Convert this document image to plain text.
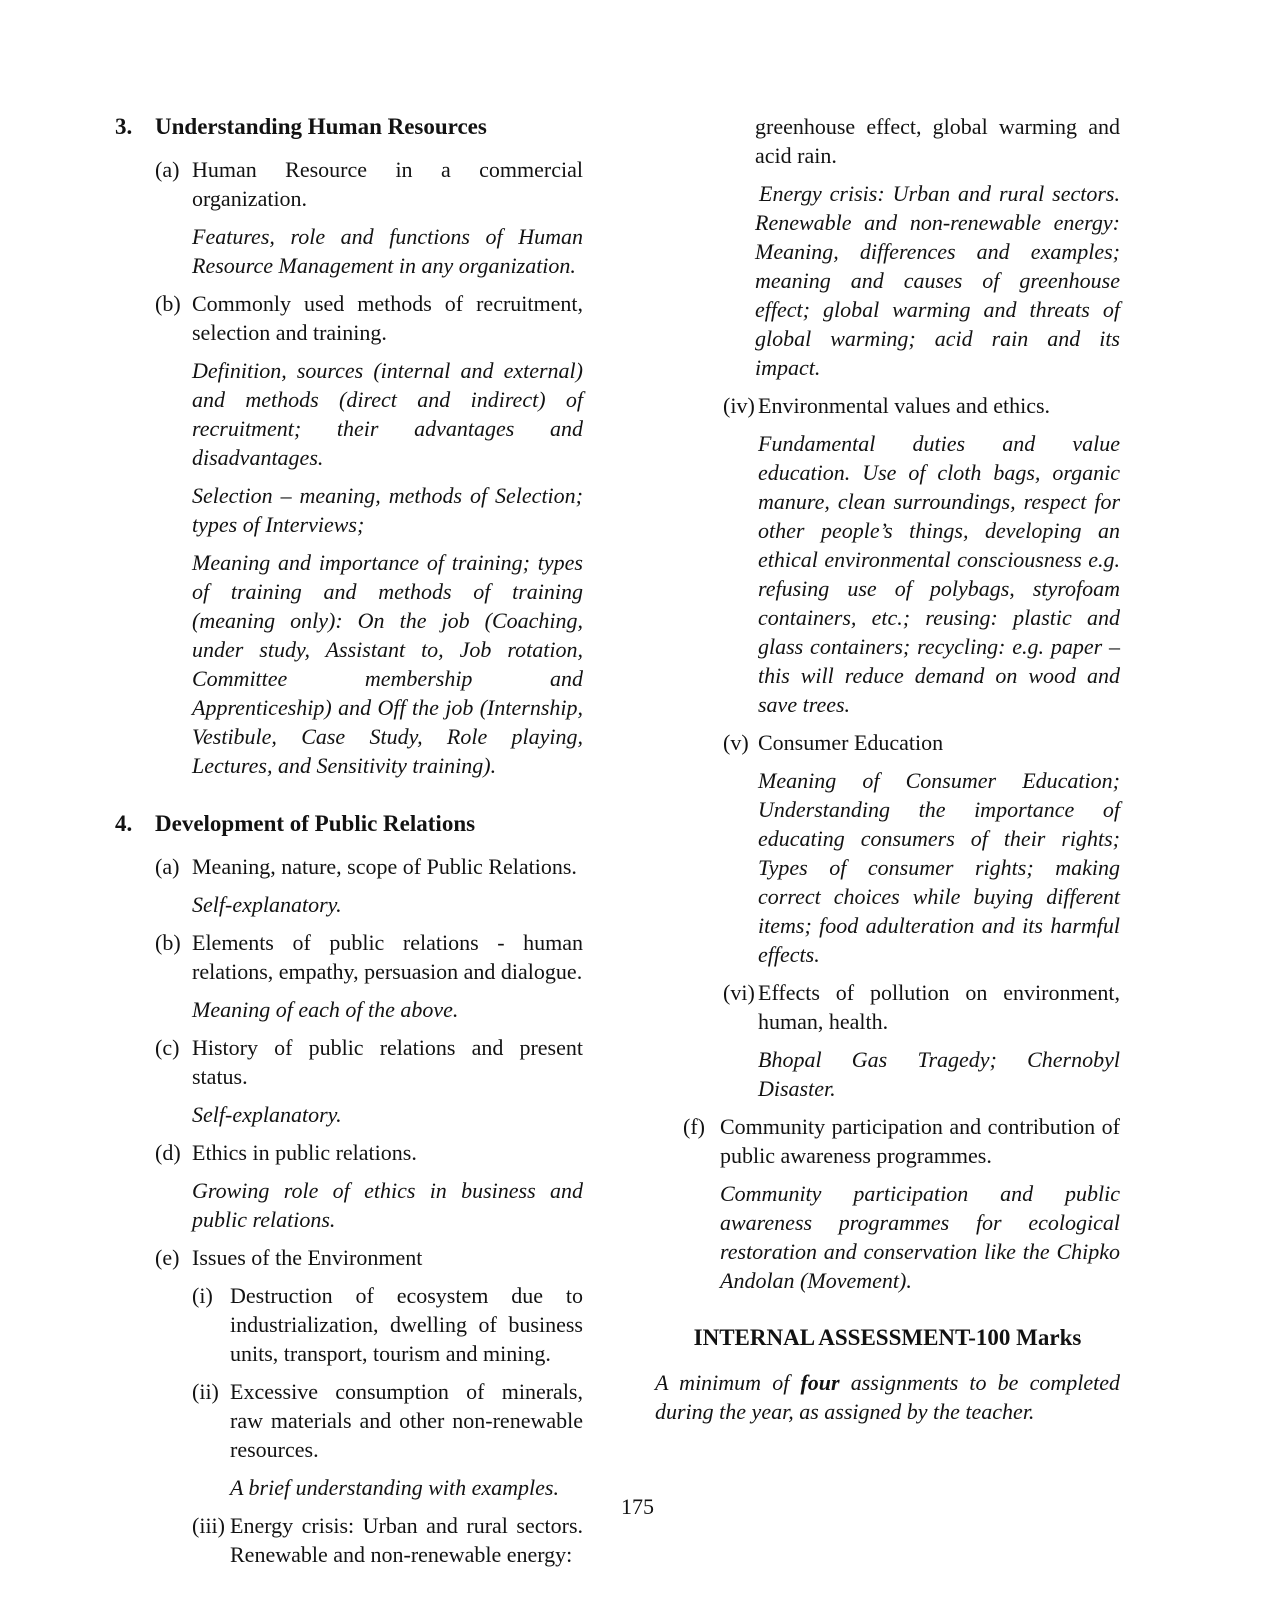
3. Understanding Human Resources
(a) Human Resource in a commercial organization.

Features, role and functions of Human Resource Management in any organization.

(b) Commonly used methods of recruitment, selection and training.

Definition, sources (internal and external) and methods (direct and indirect) of recruitment; their advantages and disadvantages.

Selection – meaning, methods of Selection; types of Interviews;

Meaning and importance of training; types of training and methods of training (meaning only): On the job (Coaching, under study, Assistant to, Job rotation, Committee membership and Apprenticeship) and Off the job (Internship, Vestibule, Case Study, Role playing, Lectures, and Sensitivity training).

4. Development of Public Relations
(a) Meaning, nature, scope of Public Relations.

Self-explanatory.

(b) Elements of public relations - human relations, empathy, persuasion and dialogue.

Meaning of each of the above.

(c) History of public relations and present status.

Self-explanatory.

(d) Ethics in public relations.

Growing role of ethics in business and public relations.

(e) Issues of the Environment

(i) Destruction of ecosystem due to industrialization, dwelling of business units, transport, tourism and mining.

(ii) Excessive consumption of minerals, raw materials and other non-renewable resources.

A brief understanding with examples.

(iii) Energy crisis: Urban and rural sectors. Renewable and non-renewable energy:

greenhouse effect, global warming and acid rain.

Energy crisis: Urban and rural sectors. Renewable and non-renewable energy: Meaning, differences and examples; meaning and causes of greenhouse effect; global warming and threats of global warming; acid rain and its impact.

(iv) Environmental values and ethics.

Fundamental duties and value education. Use of cloth bags, organic manure, clean surroundings, respect for other people’s things, developing an ethical environmental consciousness e.g. refusing use of polybags, styrofoam containers, etc.; reusing: plastic and glass containers; recycling: e.g. paper – this will reduce demand on wood and save trees.

(v) Consumer Education

Meaning of Consumer Education; Understanding the importance of educating consumers of their rights; Types of consumer rights; making correct choices while buying different items; food adulteration and its harmful effects.

(vi) Effects of pollution on environment, human, health.

Bhopal Gas Tragedy; Chernobyl Disaster.

(f) Community participation and contribution of public awareness programmes.

Community participation and public awareness programmes for ecological restoration and conservation like the Chipko Andolan (Movement).

INTERNAL ASSESSMENT-100 Marks

A minimum of four assignments to be completed during the year, as assigned by the teacher.

175
